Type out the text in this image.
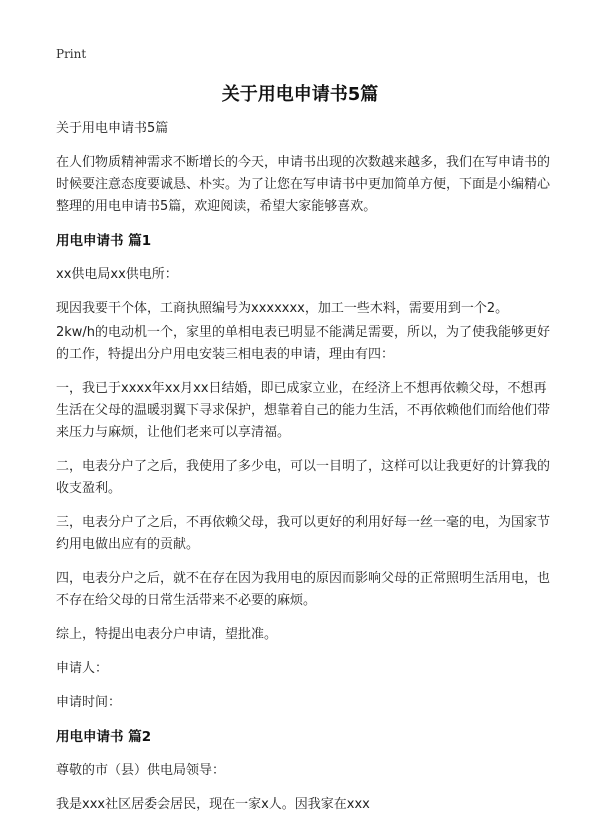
Print
关于用电申请书5篇

关于用电申请书5篇

在人们物质精神需求不断增长的今天，申请书出现的次数越来越多，我们在写申请书的时候要注意态度要诚恳、朴实。为了让您在写申请书中更加简单方便，下面是小编精心整理的用电申请书5篇，欢迎阅读，希望大家能够喜欢。

用电申请书 篇1

xx供电局xx供电所：

现因我要干个体，工商执照编号为xxxxxxx，加工一些木料，需要用到一个2。

2kw/h的电动机一个，家里的单相电表已明显不能满足需要，所以，为了使我能够更好的工作，特提出分户用电安装三相电表的申请，理由有四：

一，我已于xxxx年xx月xx日结婚，即已成家立业，在经济上不想再依赖父母，不想再生活在父母的温暖羽翼下寻求保护，想靠着自己的能力生活，不再依赖他们而给他们带来压力与麻烦，让他们老来可以享清福。

二，电表分户了之后，我使用了多少电，可以一目明了，这样可以让我更好的计算我的收支盈利。

三，电表分户了之后，不再依赖父母，我可以更好的利用好每一丝一毫的电，为国家节约用电做出应有的贡献。

四，电表分户之后，就不在存在因为我用电的原因而影响父母的正常照明生活用电，也不存在给父母的日常生活带来不必要的麻烦。

综上，特提出电表分户申请，望批准。

申请人：

申请时间：

用电申请书 篇2

尊敬的市（县）供电局领导：

我是xxx社区居委会居民，现在一家x人。因我家在xxx
